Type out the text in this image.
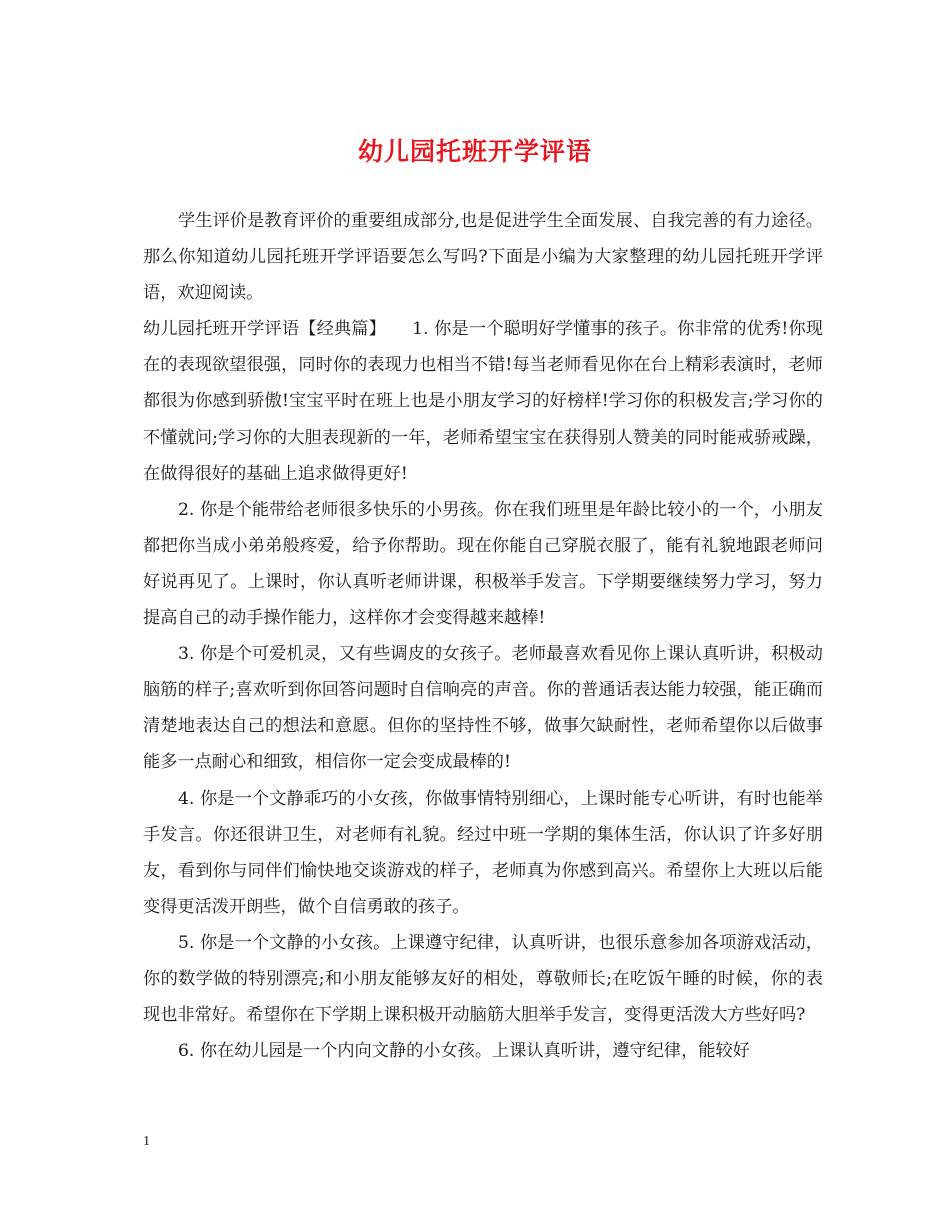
幼儿园托班开学评语

学生评价是教育评价的重要组成部分,也是促进学生全面发展、自我完善的有力途径。那么你知道幼儿园托班开学评语要怎么写吗?下面是小编为大家整理的幼儿园托班开学评语，欢迎阅读。

幼儿园托班开学评语【经典篇】　　1. 你是一个聪明好学懂事的孩子。你非常的优秀!你现在的表现欲望很强，同时你的表现力也相当不错!每当老师看见你在台上精彩表演时，老师都很为你感到骄傲!宝宝平时在班上也是小朋友学习的好榜样!学习你的积极发言;学习你的不懂就问;学习你的大胆表现新的一年，老师希望宝宝在获得别人赞美的同时能戒骄戒躁，在做得很好的基础上追求做得更好!

2. 你是个能带给老师很多快乐的小男孩。你在我们班里是年龄比较小的一个，小朋友都把你当成小弟弟般疼爱，给予你帮助。现在你能自己穿脱衣服了，能有礼貌地跟老师问好说再见了。上课时，你认真听老师讲课，积极举手发言。下学期要继续努力学习，努力提高自己的动手操作能力，这样你才会变得越来越棒!

3. 你是个可爱机灵，又有些调皮的女孩子。老师最喜欢看见你上课认真听讲，积极动脑筋的样子;喜欢听到你回答问题时自信响亮的声音。你的普通话表达能力较强，能正确而清楚地表达自己的想法和意愿。但你的坚持性不够，做事欠缺耐性，老师希望你以后做事能多一点耐心和细致，相信你一定会变成最棒的!

4. 你是一个文静乖巧的小女孩，你做事情特别细心，上课时能专心听讲，有时也能举手发言。你还很讲卫生，对老师有礼貌。经过中班一学期的集体生活，你认识了许多好朋友，看到你与同伴们愉快地交谈游戏的样子，老师真为你感到高兴。希望你上大班以后能变得更活泼开朗些，做个自信勇敢的孩子。

5. 你是一个文静的小女孩。上课遵守纪律，认真听讲，也很乐意参加各项游戏活动，你的数学做的特别漂亮;和小朋友能够友好的相处，尊敬师长;在吃饭午睡的时候，你的表现也非常好。希望你在下学期上课积极开动脑筋大胆举手发言，变得更活泼大方些好吗?

6. 你在幼儿园是一个内向文静的小女孩。上课认真听讲，遵守纪律，能较好

1
